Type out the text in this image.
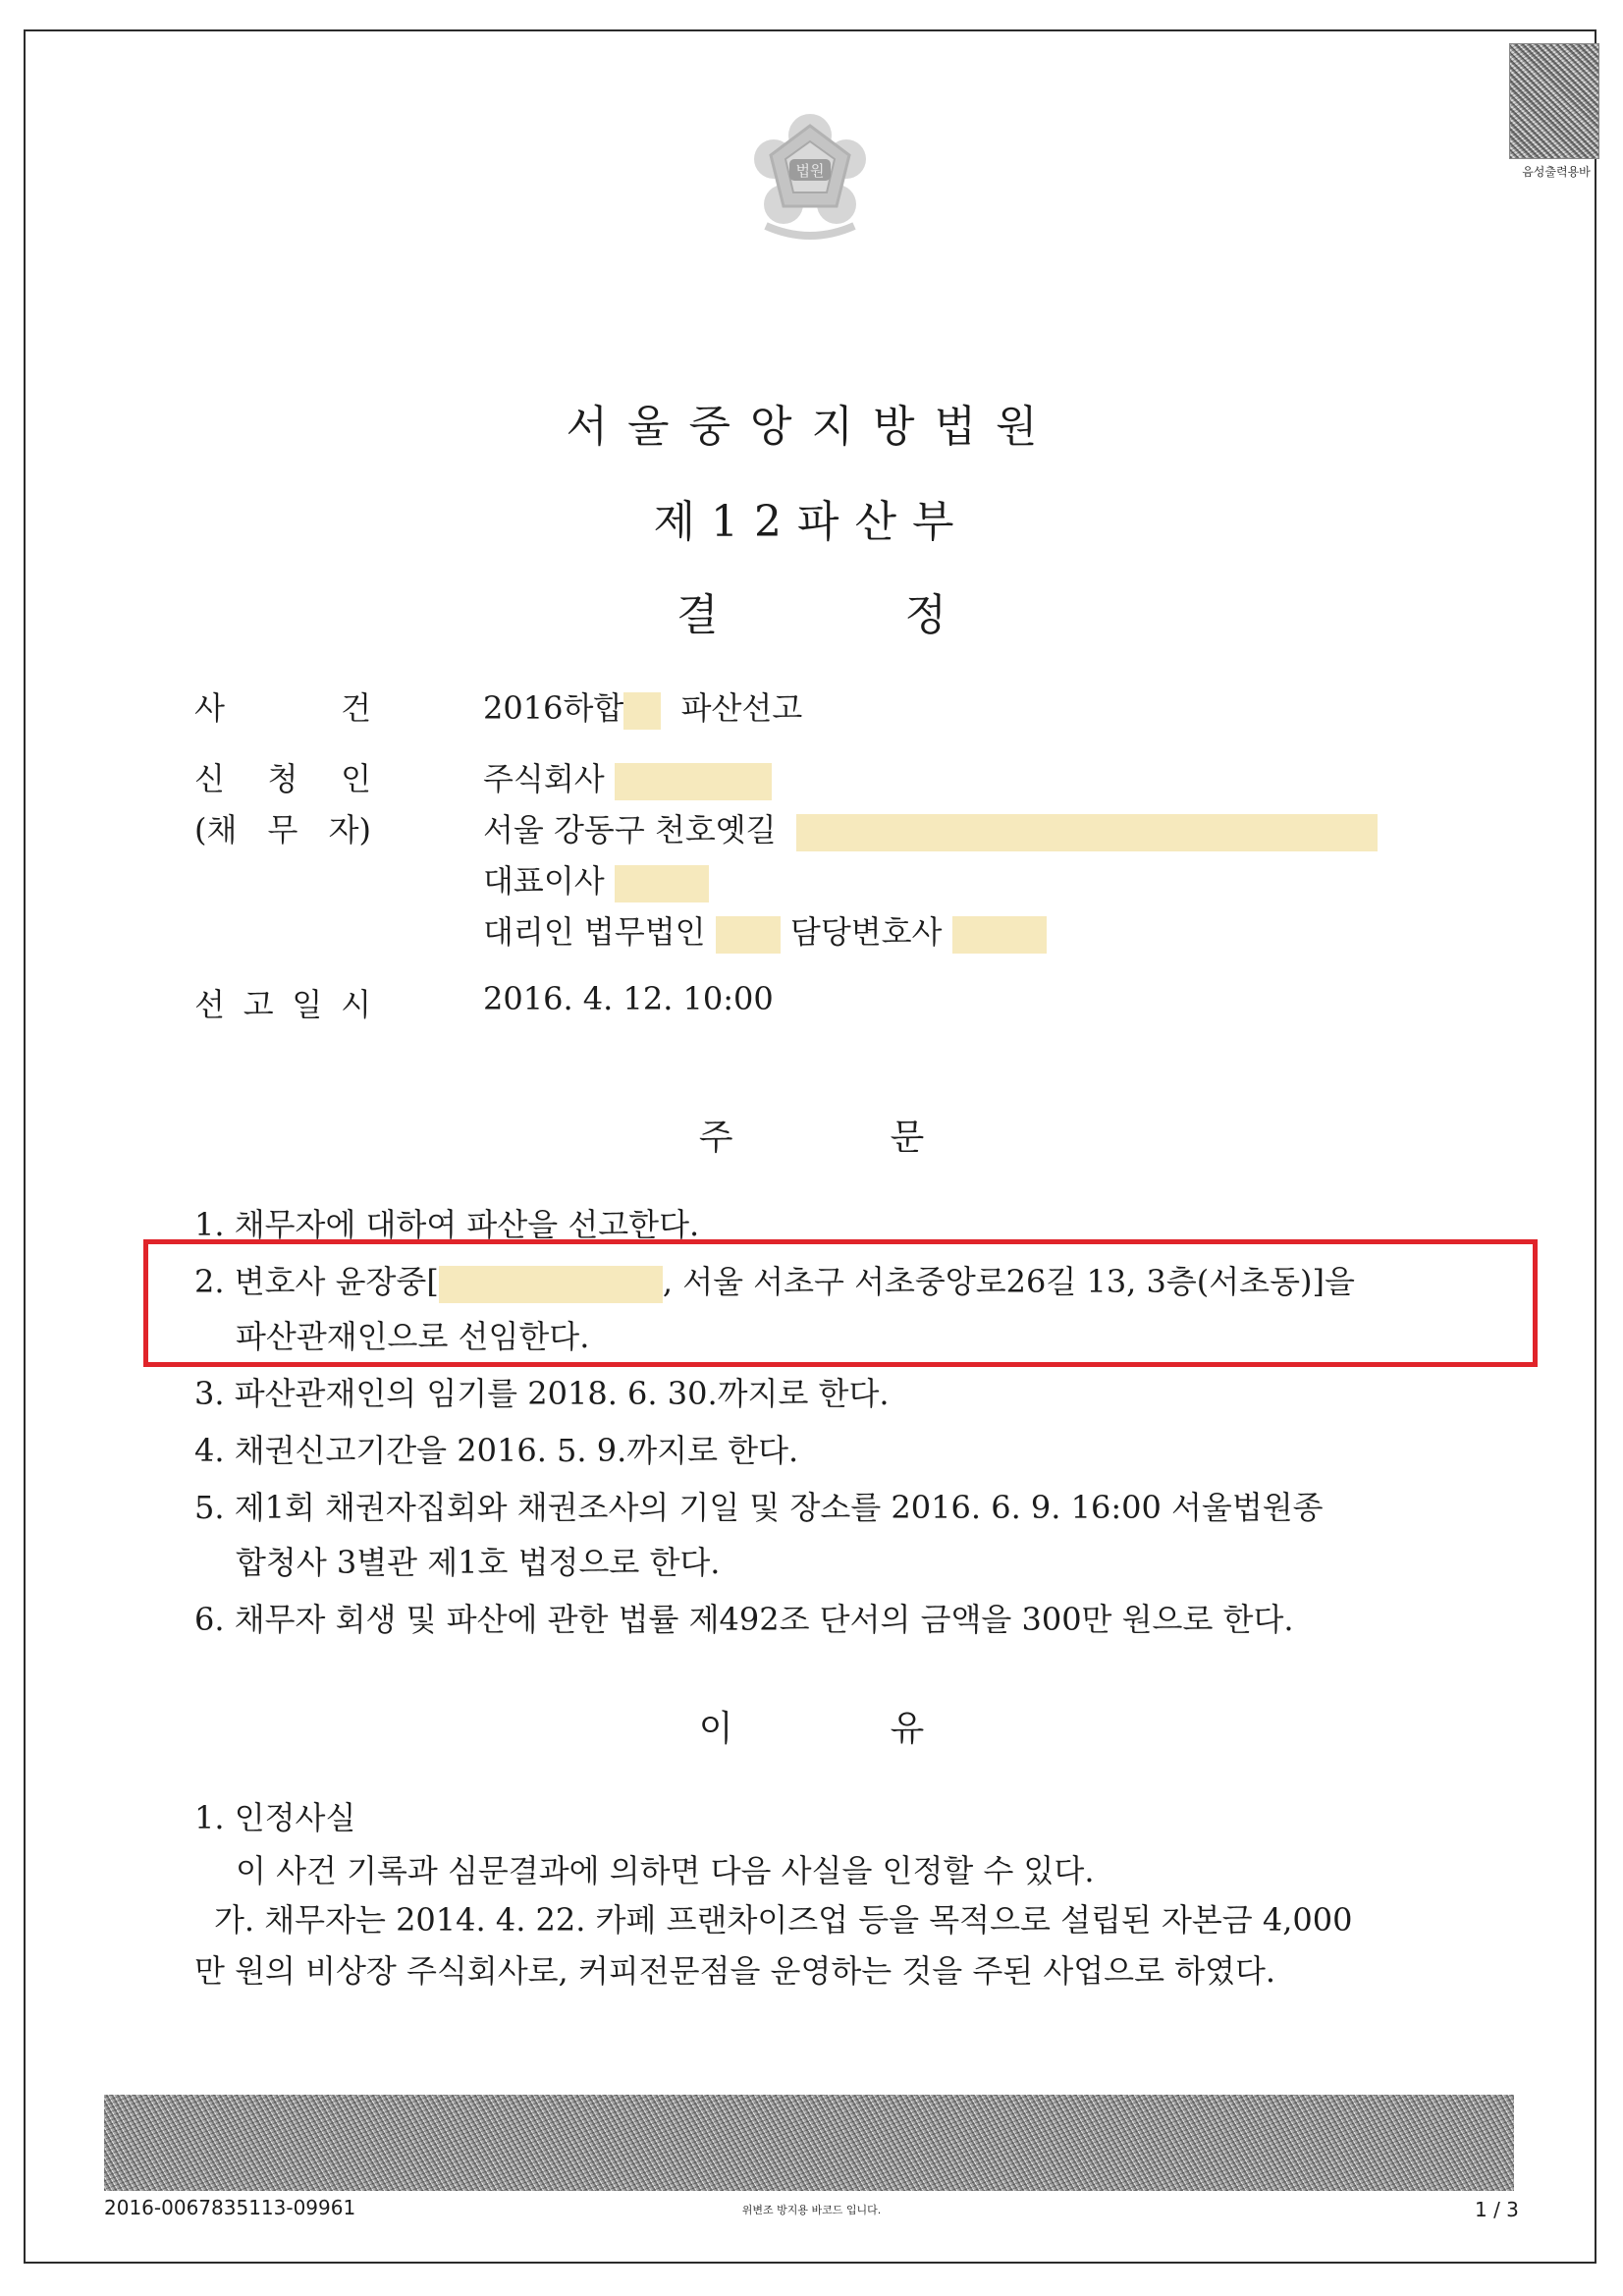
법원	음성출력용바
서울중앙지방법원
제12파산부
결	정
사	건	2016하합 파산선고
신 청 인	주식회사
(채 무 자)	서울 강동구 천호옛길
대표이사
대리인 법무법인	담당변호사
선 고 일 시	2016. 4. 12. 10:00
주	문
1. 채무자에 대하여 파산을 선고한다.
2. 변호사 윤장중[	, 서울 서초구 서초중앙로26길 13, 3층(서초동)]을
파산관재인으로 선임한다.
3. 파산관재인의 임기를 2018. 6. 30.까지로 한다.
4. 채권신고기간을 2016. 5. 9.까지로 한다.
5. 제1회 채권자집회와 채권조사의 기일 및 장소를 2016. 6. 9. 16:00 서울법원종
합청사 3별관 제1호 법정으로 한다.
6. 채무자 회생 및 파산에 관한 법률 제492조 단서의 금액을 300만 원으로 한다.
이	유
1. 인정사실
이 사건 기록과 심문결과에 의하면 다음 사실을 인정할 수 있다.
가. 채무자는 2014. 4. 22. 카페 프랜차이즈업 등을 목적으로 설립된 자본금 4,000
만 원의 비상장 주식회사로, 커피전문점을 운영하는 것을 주된 사업으로 하였다.
2016-0067835113-09961	위변조 방지용 바코드 입니다.	1 / 3
